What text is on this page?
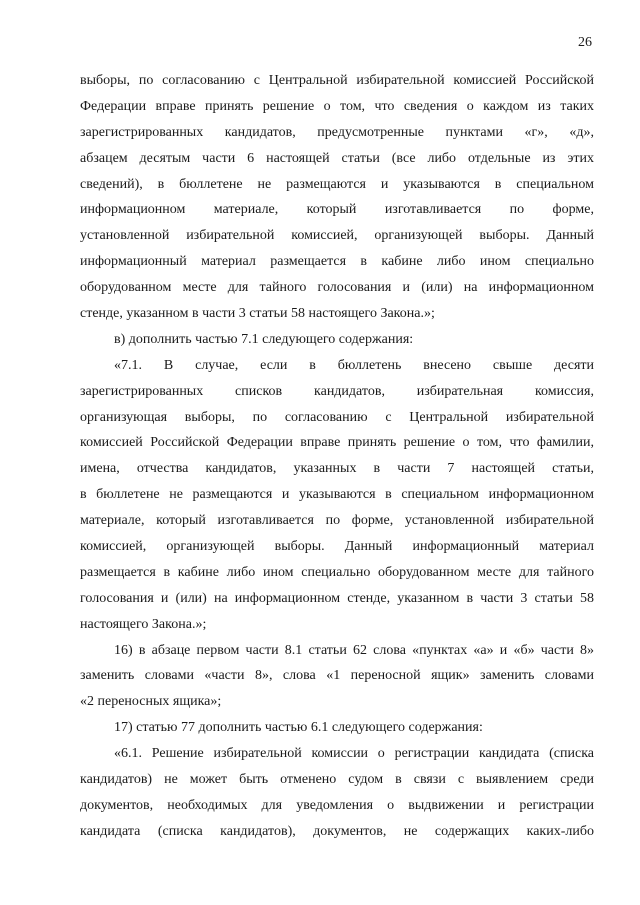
26
выборы, по согласованию с Центральной избирательной комиссией Российской
Федерации вправе принять решение о том, что сведения о каждом из таких
зарегистрированных кандидатов, предусмотренные пунктами «г», «д»,
абзацем десятым части 6 настоящей статьи (все либо отдельные из этих
сведений), в бюллетене не размещаются и указываются в специальном
информационном материале, который изготавливается по форме,
установленной избирательной комиссией, организующей выборы. Данный
информационный материал размещается в кабине либо ином специально
оборудованном месте для тайного голосования и (или) на информационном
стенде, указанном в части 3 статьи 58 настоящего Закона.»;
в) дополнить частью 7.1 следующего содержания:
«7.1. В случае, если в бюллетень внесено свыше десяти
зарегистрированных списков кандидатов, избирательная комиссия,
организующая выборы, по согласованию с Центральной избирательной
комиссией Российской Федерации вправе принять решение о том, что фамилии,
имена, отчества кандидатов, указанных в части 7 настоящей статьи,
в бюллетене не размещаются и указываются в специальном информационном
материале, который изготавливается по форме, установленной избирательной
комиссией, организующей выборы. Данный информационный материал
размещается в кабине либо ином специально оборудованном месте для тайного
голосования и (или) на информационном стенде, указанном в части 3 статьи 58
настоящего Закона.»;
16) в абзаце первом части 8.1 статьи 62 слова «пунктах «а» и «б» части 8»
заменить словами «части 8», слова «1 переносной ящик» заменить словами
«2 переносных ящика»;
17) статью 77 дополнить частью 6.1 следующего содержания:
«6.1. Решение избирательной комиссии о регистрации кандидата (списка
кандидатов) не может быть отменено судом в связи с выявлением среди
документов, необходимых для уведомления о выдвижении и регистрации
кандидата (списка кандидатов), документов, не содержащих каких-либо
